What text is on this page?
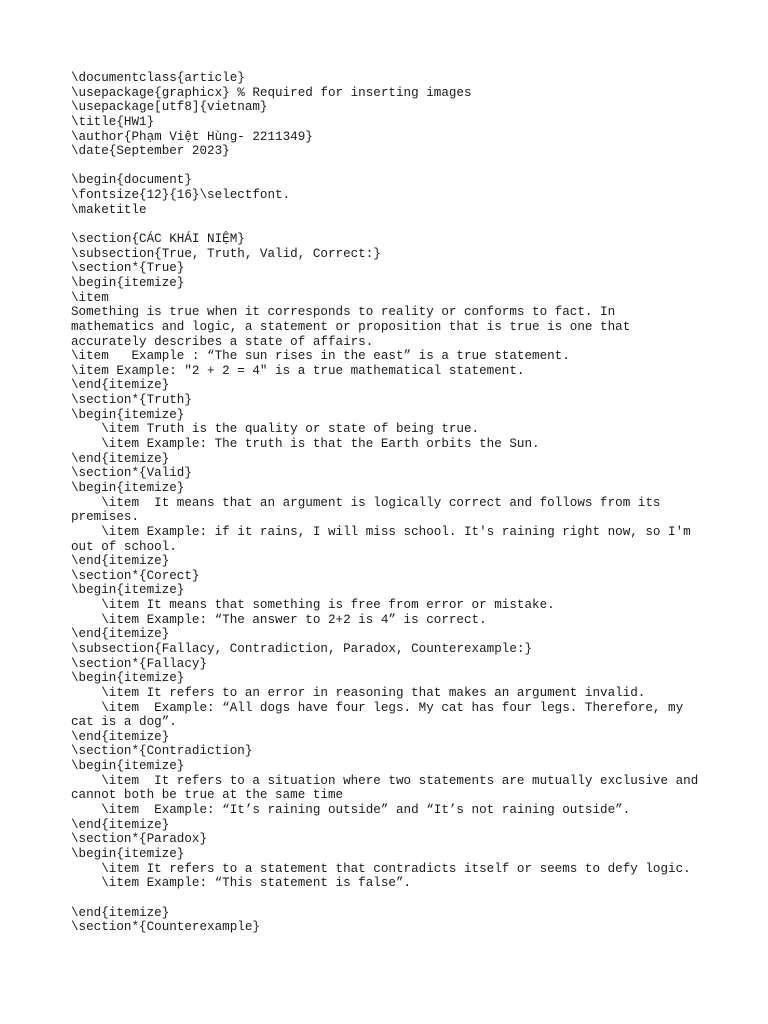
\documentclass{article}
\usepackage{graphicx} % Required for inserting images
\usepackage[utf8]{vietnam}
\title{HW1}
\author{Phạm Việt Hùng- 2211349}
\date{September 2023}
\begin{document}
\fontsize{12}{16}\selectfont.
\maketitle
\section{CÁC KHÁI NIỆM}
\subsection{True, Truth, Valid, Correct:}
\section*{True}
\begin{itemize}
\item
Something is true when it corresponds to reality or conforms to fact. In
mathematics and logic, a statement or proposition that is true is one that
accurately describes a state of affairs.
\item   Example : “The sun rises in the east” is a true statement.
\item Example: "2 + 2 = 4" is a true mathematical statement.
\end{itemize}
\section*{Truth}
\begin{itemize}
\item Truth is the quality or state of being true.
\item Example: The truth is that the Earth orbits the Sun.
\end{itemize}
\section*{Valid}
\begin{itemize}
\item  It means that an argument is logically correct and follows from its
premises.
\item Example: if it rains, I will miss school. It's raining right now, so I'm
out of school.
\end{itemize}
\section*{Corect}
\begin{itemize}
\item It means that something is free from error or mistake.
\item Example: “The answer to 2+2 is 4” is correct.
\end{itemize}
\subsection{Fallacy, Contradiction, Paradox, Counterexample:}
\section*{Fallacy}
\begin{itemize}
\item It refers to an error in reasoning that makes an argument invalid.
\item  Example: “All dogs have four legs. My cat has four legs. Therefore, my
cat is a dog”.
\end{itemize}
\section*{Contradiction}
\begin{itemize}
\item  It refers to a situation where two statements are mutually exclusive and
cannot both be true at the same time
\item  Example: “It’s raining outside” and “It’s not raining outside”.
\end{itemize}
\section*{Paradox}
\begin{itemize}
\item It refers to a statement that contradicts itself or seems to defy logic.
\item Example: “This statement is false”.
\end{itemize}
\section*{Counterexample}
